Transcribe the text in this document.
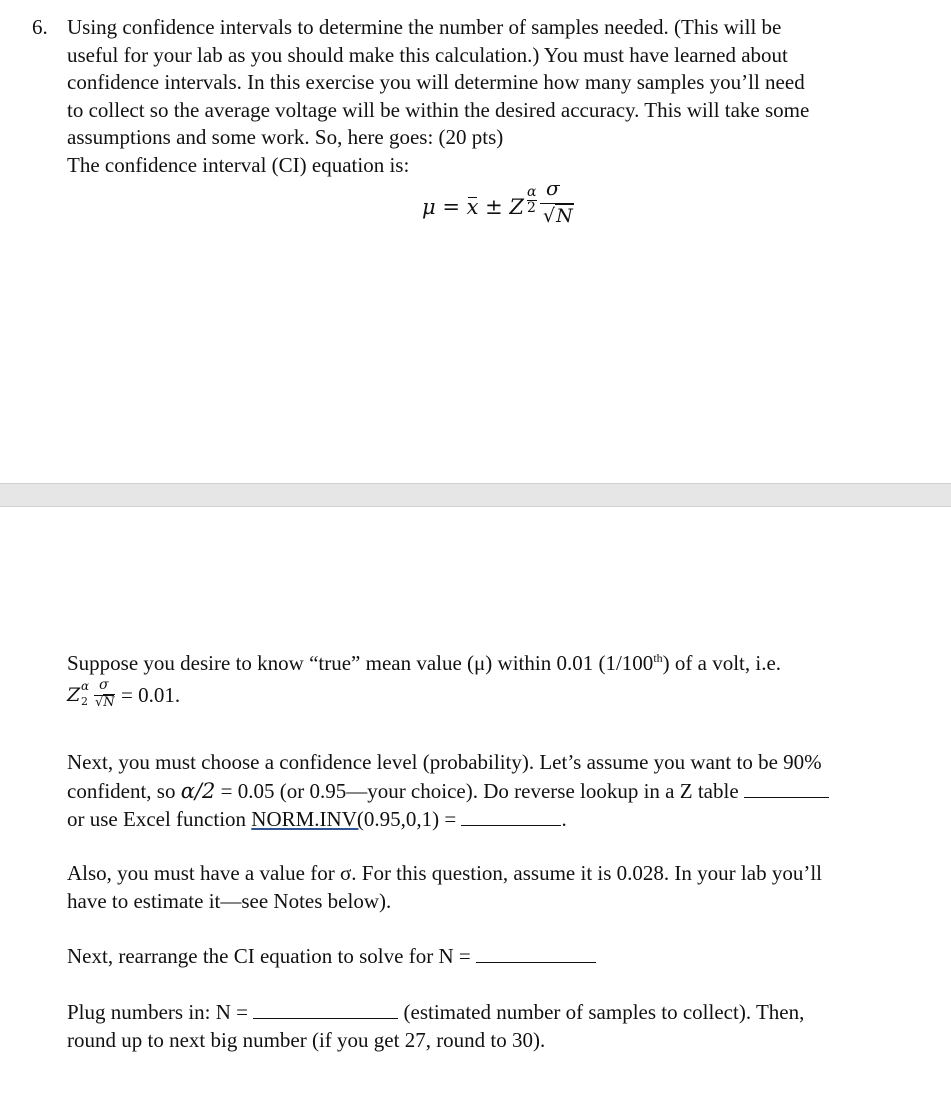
6. Using confidence intervals to determine the number of samples needed. (This will be

useful for your lab as you should make this calculation.) You must have learned about

confidence intervals. In this exercise you will determine how many samples you’ll need

to collect so the average voltage will be within the desired accuracy. This will take some

assumptions and some work. So, here goes: (20 pts)

The confidence interval (CI) equation is:

μ = x ± Z
α
2
σ
√N

Suppose you desire to know “true” mean value (μ) within 0.01 (1/100th) of a volt, i.e.

Z α
2
σ
√N = 0.01.
Next, you must choose a confidence level (probability). Let’s assume you want to be 90%
confident, so α/2 = 0.05 (or 0.95—your choice). Do reverse lookup in a Z table
or use Excel function NORM.INV(0.95,0,1) =	.
Also, you must have a value for σ. For this question, assume it is 0.028. In your lab you’ll
have to estimate it—see Notes below).
Next, rearrange the CI equation to solve for N =
Plug numbers in: N =	(estimated number of samples to collect). Then,
round up to next big number (if you get 27, round to 30).
